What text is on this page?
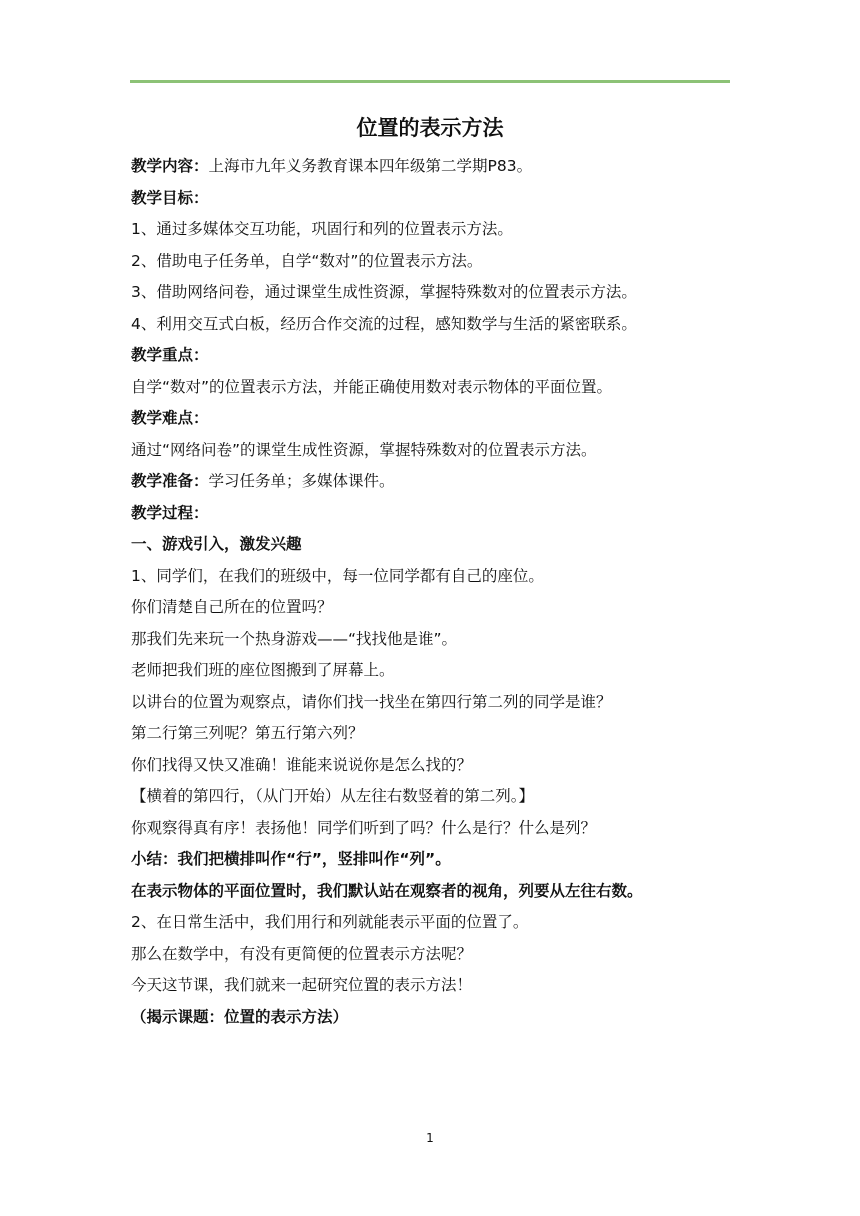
位置的表示方法
教学内容：上海市九年义务教育课本四年级第二学期P83。
教学目标：
1、通过多媒体交互功能，巩固行和列的位置表示方法。
2、借助电子任务单，自学“数对”的位置表示方法。
3、借助网络问卷，通过课堂生成性资源，掌握特殊数对的位置表示方法。
4、利用交互式白板，经历合作交流的过程，感知数学与生活的紧密联系。
教学重点：
自学“数对”的位置表示方法，并能正确使用数对表示物体的平面位置。
教学难点：
通过“网络问卷”的课堂生成性资源，掌握特殊数对的位置表示方法。
教学准备：学习任务单；多媒体课件。
教学过程：
一、游戏引入，激发兴趣
1、同学们，在我们的班级中，每一位同学都有自己的座位。
你们清楚自己所在的位置吗？
那我们先来玩一个热身游戏——“找找他是谁”。
老师把我们班的座位图搬到了屏幕上。
以讲台的位置为观察点，请你们找一找坐在第四行第二列的同学是谁？
第二行第三列呢？第五行第六列？
你们找得又快又准确！谁能来说说你是怎么找的？
【横着的第四行，（从门开始）从左往右数竖着的第二列。】
你观察得真有序！表扬他！同学们听到了吗？什么是行？什么是列？
小结：我们把横排叫作“行”，竖排叫作“列”。
在表示物体的平面位置时，我们默认站在观察者的视角，列要从左往右数。
2、在日常生活中，我们用行和列就能表示平面的位置了。
那么在数学中，有没有更简便的位置表示方法呢？
今天这节课，我们就来一起研究位置的表示方法！
（揭示课题：位置的表示方法）
1
